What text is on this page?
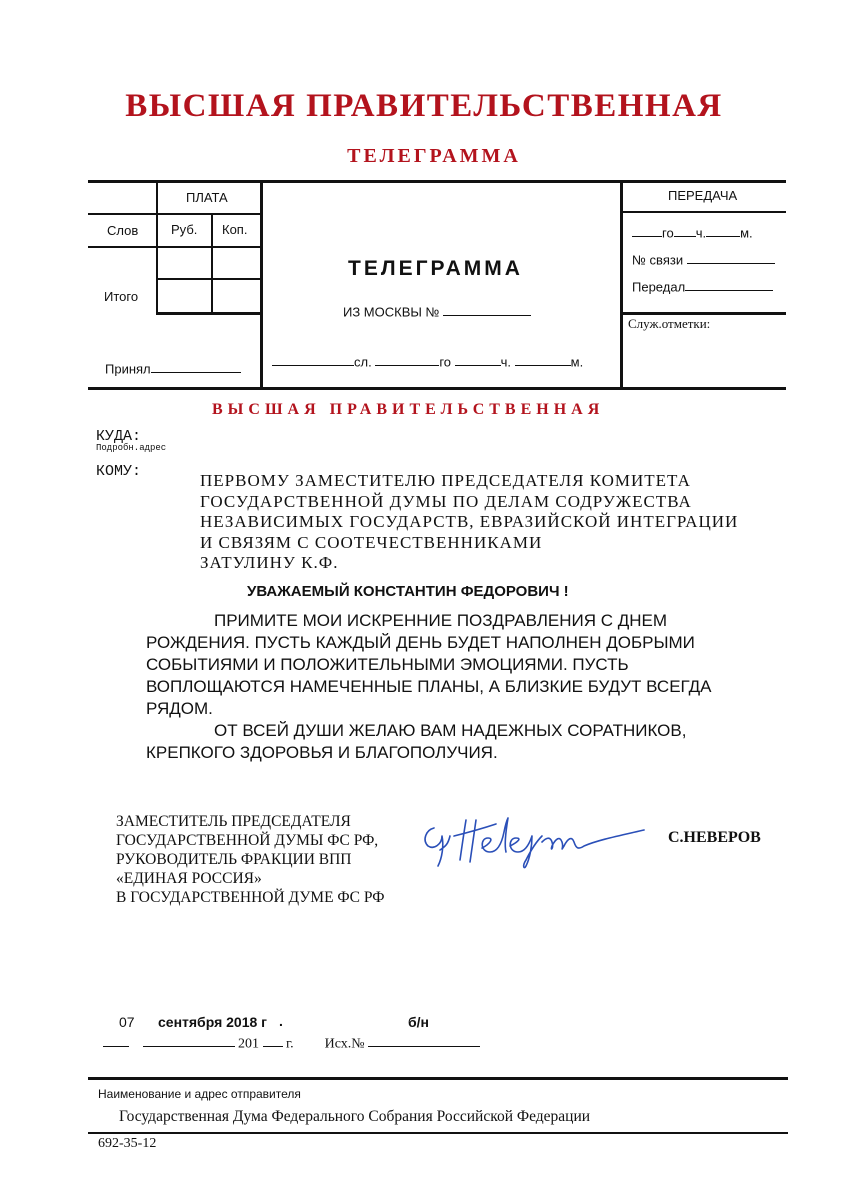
ВЫСШАЯ ПРАВИТЕЛЬСТВЕННАЯ
ТЕЛЕГРАММА
ПЛАТА
Слов	Руб. Коп.
Итого
Принял
ТЕЛЕГРАММА
ИЗ МОСКВЫ №
сл.	го	ч.	м.
ПЕРЕДАЧА
го ч.	м.
№ связи
Передал
Служ.отметки:
ВЫСШАЯ ПРАВИТЕЛЬСТВЕННАЯ
КУДА:
Подробн.адрес
КОМУ:	ПЕРВОМУ ЗАМЕСТИТЕЛЮ ПРЕДСЕДАТЕЛЯ КОМИТЕТА
ГОСУДАРСТВЕННОЙ ДУМЫ ПО ДЕЛАМ СОДРУЖЕСТВА
НЕЗАВИСИМЫХ ГОСУДАРСТВ, ЕВРАЗИЙСКОЙ ИНТЕГРАЦИИ
И СВЯЗЯМ С СООТЕЧЕСТВЕННИКАМИ
ЗАТУЛИНУ К.Ф.
УВАЖАЕМЫЙ КОНСТАНТИН ФЕДОРОВИЧ !
ПРИМИТЕ МОИ ИСКРЕННИЕ ПОЗДРАВЛЕНИЯ С ДНЕМ РОЖДЕНИЯ. ПУСТЬ КАЖДЫЙ ДЕНЬ БУДЕТ НАПОЛНЕН ДОБРЫМИ СОБЫТИЯМИ И ПОЛОЖИТЕЛЬНЫМИ ЭМОЦИЯМИ. ПУСТЬ ВОПЛОЩАЮТСЯ НАМЕЧЕННЫЕ ПЛАНЫ, А БЛИЗКИЕ БУДУТ ВСЕГДА РЯДОМ.
ОТ ВСЕЙ ДУШИ ЖЕЛАЮ ВАМ НАДЕЖНЫХ СОРАТНИКОВ, КРЕПКОГО ЗДОРОВЬЯ И БЛАГОПОЛУЧИЯ.
ЗАМЕСТИТЕЛЬ ПРЕДСЕДАТЕЛЯ
ГОСУДАРСТВЕННОЙ ДУМЫ ФС РФ,
РУКОВОДИТЕЛЬ ФРАКЦИИ ВПП
«ЕДИНАЯ РОССИЯ»
В ГОСУДАРСТВЕННОЙ ДУМЕ ФС РФ
С.НЕВЕРОВ
07 сентября 2018 г .	б/н
201 г. Исх.№
Наименование и адрес отправителя
Государственная Дума Федерального Собрания Российской Федерации
692-35-12
